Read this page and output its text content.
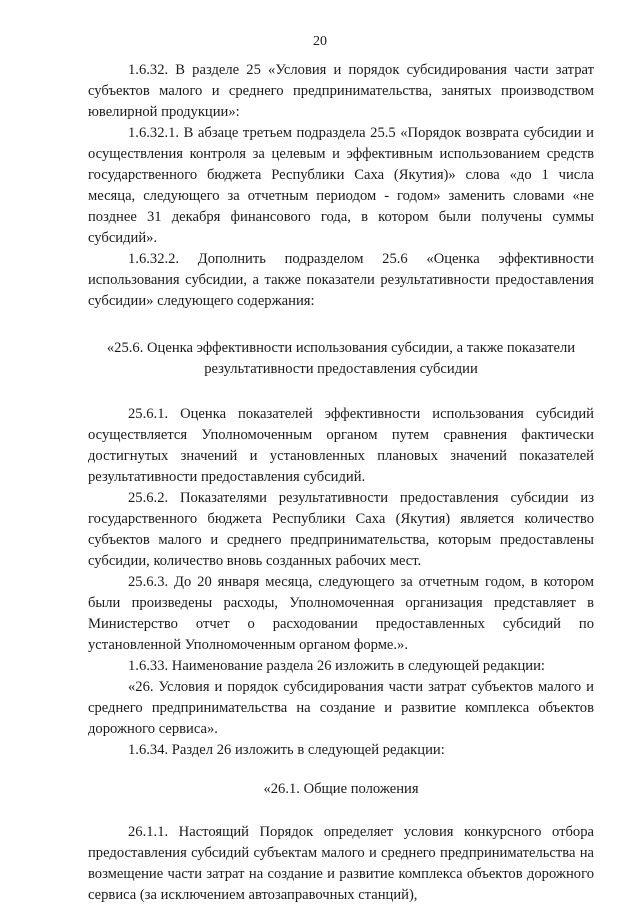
20

1.6.32. В разделе 25 «Условия и порядок субсидирования части затрат субъектов малого и среднего предпринимательства, занятых производством ювелирной продукции»:

1.6.32.1. В абзаце третьем подраздела 25.5 «Порядок возврата субсидии и осуществления контроля за целевым и эффективным использованием средств государственного бюджета Республики Саха (Якутия)» слова «до 1 числа месяца, следующего за отчетным периодом - годом» заменить словами «не позднее 31 декабря финансового года, в котором были получены суммы субсидий».

1.6.32.2. Дополнить подразделом 25.6 «Оценка эффективности использования субсидии, а также показатели результативности предоставления субсидии» следующего содержания:

«25.6. Оценка эффективности использования субсидии, а также показатели результативности предоставления субсидии

25.6.1. Оценка показателей эффективности использования субсидий осуществляется Уполномоченным органом путем сравнения фактически достигнутых значений и установленных плановых значений показателей результативности предоставления субсидий.

25.6.2. Показателями результативности предоставления субсидии из государственного бюджета Республики Саха (Якутия) является количество субъектов малого и среднего предпринимательства, которым предоставлены субсидии, количество вновь созданных рабочих мест.

25.6.3. До 20 января месяца, следующего за отчетным годом, в котором были произведены расходы, Уполномоченная организация представляет в Министерство отчет о расходовании предоставленных субсидий по установленной Уполномоченным органом форме.».

1.6.33. Наименование раздела 26 изложить в следующей редакции:

«26. Условия и порядок субсидирования части затрат субъектов малого и среднего предпринимательства на создание и развитие комплекса объектов дорожного сервиса».

1.6.34. Раздел 26 изложить в следующей редакции:

«26.1. Общие положения

26.1.1. Настоящий Порядок определяет условия конкурсного отбора предоставления субсидий субъектам малого и среднего предпринимательства на возмещение части затрат на создание и развитие комплекса объектов дорожного сервиса (за исключением автозаправочных станций),
